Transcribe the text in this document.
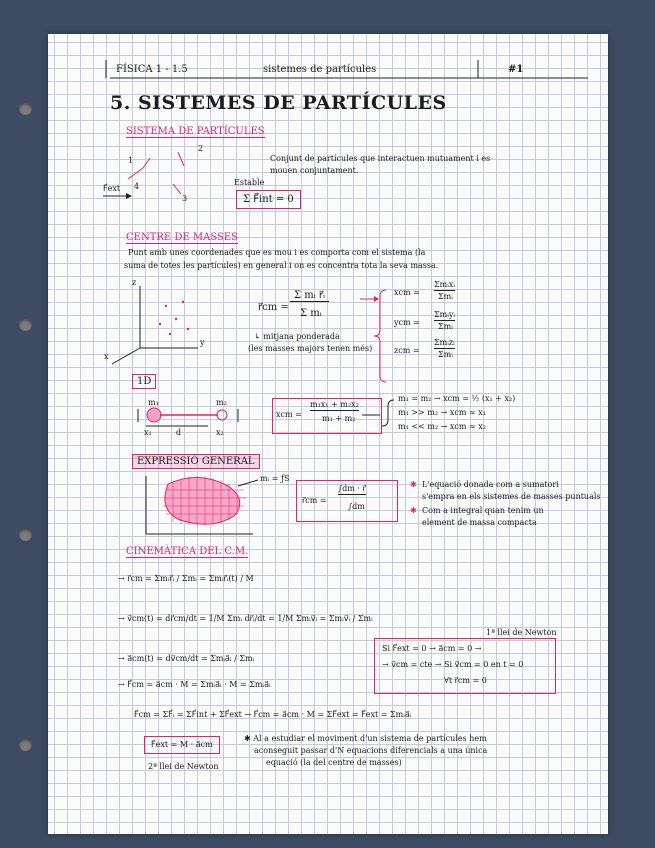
FÍSICA 1 - 1.5	sistemes de partícules	#1
5. SISTEMES DE PARTÍCULES
SISTEMA DE PARTÍCULES
1
2
3
4
F⃗ext
Conjunt de partícules que interactuen mutuament i es
mouen conjuntament.
Estable
Σ F⃗int = 0
CENTRE DE MASSES
Punt amb unes coordenades que es mou i es comporta com el sistema (la
suma de totes les partícules) en general i on es concentra tota la seva massa.
z
x
y
r⃗cm =
Σ mᵢ r⃗ᵢ
Σ mᵢ
↳ mitjana ponderada
(les masses majors tenen més)
xcm =
Σmᵢxᵢ
Σmᵢ
ycm =
Σmᵢyᵢ
Σmᵢ
zcm =
Σmᵢzᵢ
Σmᵢ
1D
m₁	m₂
x₁	d	x₂
xcm =
m₁x₁ + m₂x₂
m₁ + m₂
m₁ = m₂ → xcm = ½ (x₁ + x₂)
m₁ >> m₂ → xcm ≈ x₁
m₁ << m₂ → xcm ≈ x₂
EXPRESSIÓ GENERAL
mᵢ = ƒS
r⃗cm =
∫dm · r⃗
∫dm
✱ L'equació donada com a sumatori
s'empra en els sistemes de masses puntuals
✱ Com a integral quan tenim un
element de massa compacta
CINEMÀTICA DEL C.M.
→ r⃗cm = Σmᵢr⃗ᵢ / Σmᵢ = Σmᵢr⃗ᵢ(t) / M
→ v⃗cm(t) = dr⃗cm/dt = 1/M Σmᵢ dr⃗ᵢ/dt = 1/M Σmᵢv⃗ᵢ = Σmᵢv⃗ᵢ / Σmᵢ
1ª llei de Newton
→ a⃗cm(t) = dv⃗cm/dt = Σmᵢa⃗ᵢ / Σmᵢ
→ F⃗cm = a⃗cm · M = Σmᵢa⃗ᵢ · M = Σmᵢa⃗ᵢ
Si F⃗ext = 0 → a⃗cm = 0 →
→ v⃗cm = cte → Si v⃗cm = 0 en t = 0
∀t r⃗cm = 0
F⃗cm = ΣF⃗ᵢ = ΣF⃗int + ΣF⃗ext → F⃗cm = a⃗cm · M = ΣF⃗ext = F⃗ext = Σmᵢa⃗ᵢ
F⃗ext = M · a⃗cm
2ª llei de Newton
✱ Al a estudiar el moviment d'un sistema de partícules hem
aconseguit passar d'N equacions diferencials a una única
equació (la del centre de masses)
